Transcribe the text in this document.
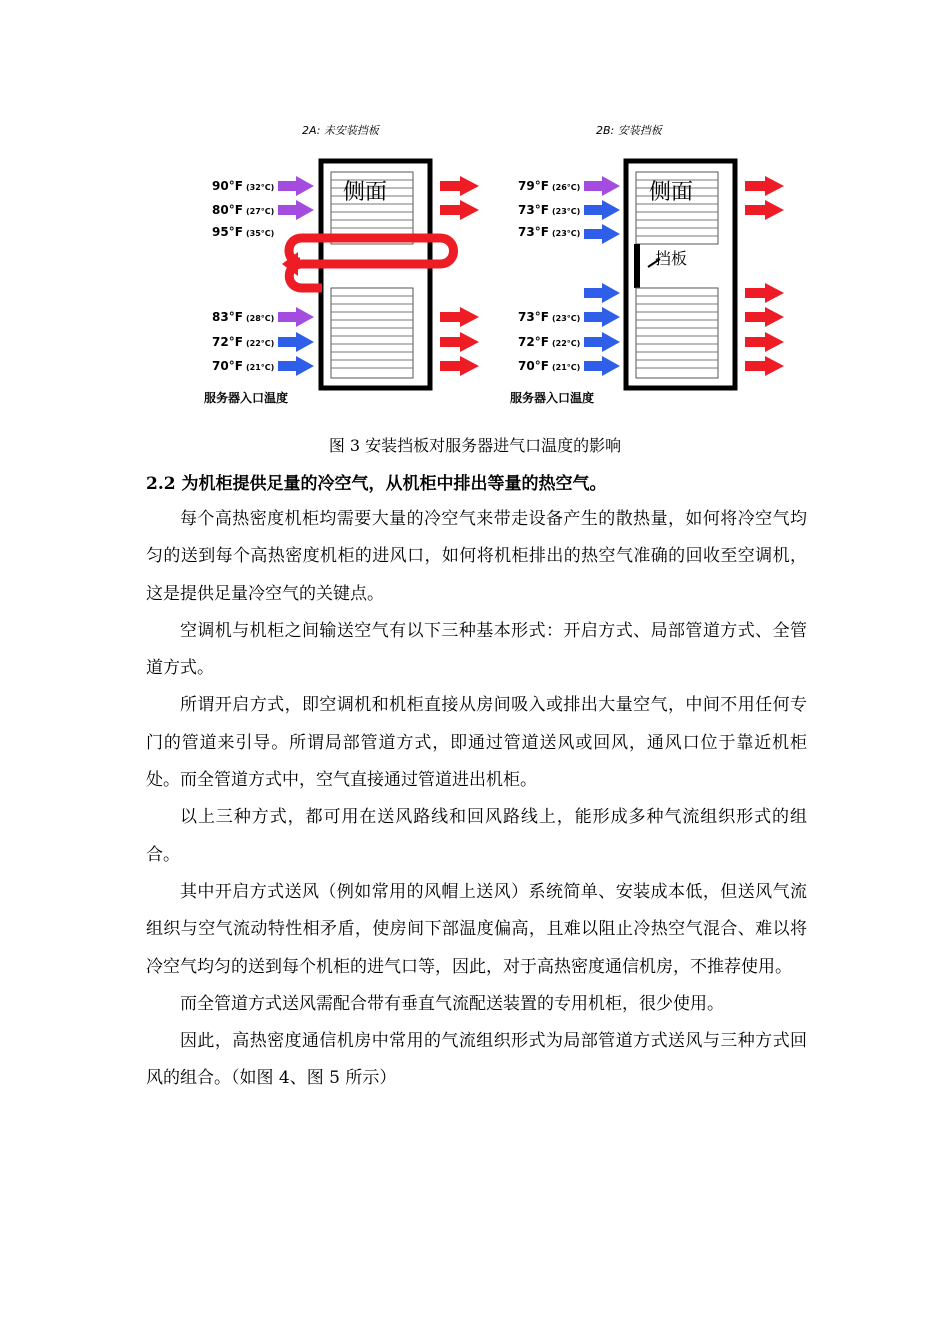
2A: 未安装挡板
侧面
90°F (32°C)
80°F (27°C)
95°F (35°C)
83°F (28°C)
72°F (22°C)
70°F (21°C)
服务器入口温度
2B: 安装挡板
侧面
挡板
79°F (26°C)
73°F (23°C)
73°F (23°C)
73°F (23°C)
72°F (22°C)
70°F (21°C)
服务器入口温度
图 3 安装挡板对服务器进气口温度的影响
2.2 为机柜提供足量的冷空气，从机柜中排出等量的热空气。

每个高热密度机柜均需要大量的冷空气来带走设备产生的散热量，如何将冷空气均匀的送到每个高热密度机柜的进风口，如何将机柜排出的热空气准确的回收至空调机，这是提供足量冷空气的关键点。

空调机与机柜之间输送空气有以下三种基本形式：开启方式、局部管道方式、全管道方式。

所谓开启方式，即空调机和机柜直接从房间吸入或排出大量空气，中间不用任何专门的管道来引导。所谓局部管道方式，即通过管道送风或回风，通风口位于靠近机柜处。而全管道方式中，空气直接通过管道进出机柜。

以上三种方式，都可用在送风路线和回风路线上，能形成多种气流组织形式的组合。

其中开启方式送风（例如常用的风帽上送风）系统简单、安装成本低，但送风气流组织与空气流动特性相矛盾，使房间下部温度偏高，且难以阻止冷热空气混合、难以将冷空气均匀的送到每个机柜的进气口等，因此，对于高热密度通信机房，不推荐使用。

而全管道方式送风需配合带有垂直气流配送装置的专用机柜，很少使用。

因此，高热密度通信机房中常用的气流组织形式为局部管道方式送风与三种方式回风的组合。（如图 4、图 5 所示）
